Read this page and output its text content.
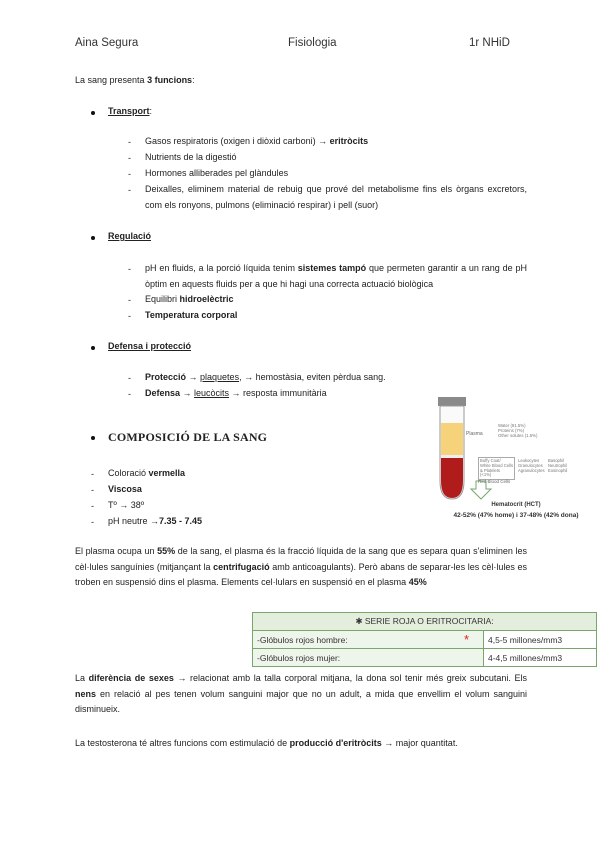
Aina Segura	Fisiologia	1r NHiD
La sang presenta 3 funcions:
Transport:
- Gasos respiratoris (oxigen i diòxid carboni) → eritròcits
- Nutrients de la digestió
- Hormones alliberades pel glàndules
- Deixalles, eliminem material de rebuig que prové del metabolisme fins els òrgans excretors, com els ronyons, pulmons (eliminació respirar) i pell (suor)
Regulació
- pH en fluids, a la porció líquida tenim sistemes tampó que permeten garantir a un rang de pH òptim en aquests fluids per a que hi hagi una correcta actuació biològica
- Equilibri hidroelèctric
- Temperatura corporal
Defensa i protecció
- Protecció → plaquetes, → hemostàsia, eviten pèrdua sang.
- Defensa → leucòcits → resposta immunitària
COMPOSICIÓ DE LA SANG
- Coloració vermella
- Viscosa
- Tº → 38º
- pH neutre →7.35 - 7.45
Plasma
Water (91.5%)
Proteins (7%)
Other solutes (1.5%)
Buffy Coat/
White Blood Cells
& Platelets
(<1%)
Leukocytes
Granulocytes
Agranulocytes
Basophil
Neutrophil
Eosinophil
Red Blood Cells
Hematocrit (HCT)
42-52% (47% home) i 37-48% (42% dona)
El plasma ocupa un 55% de la sang, el plasma és la fracció líquida de la sang que es separa quan s'eliminen les cèl·lules sanguínies (mitjançant la centrifugació amb anticoagulants). Però abans de separar-les les cèl·lules es troben en suspensió dins el plasma. Elements cel·lulars en suspensió en el plasma 45%
✱ SERIE ROJA O ERITROCITARIA:	
-Glóbulos rojos hombre:	4,5-5 millones/mm3
-Glóbulos rojos mujer:	4-4,5 millones/mm3
*
La diferència de sexes → relacionat amb la talla corporal mitjana, la dona sol tenir més greix subcutani. Els nens en relació al pes tenen volum sanguini major que no un adult, a mida que envellim el volum sanguini disminueix.
La testosterona té altres funcions com estimulació de producció d'eritròcits → major quantitat.
